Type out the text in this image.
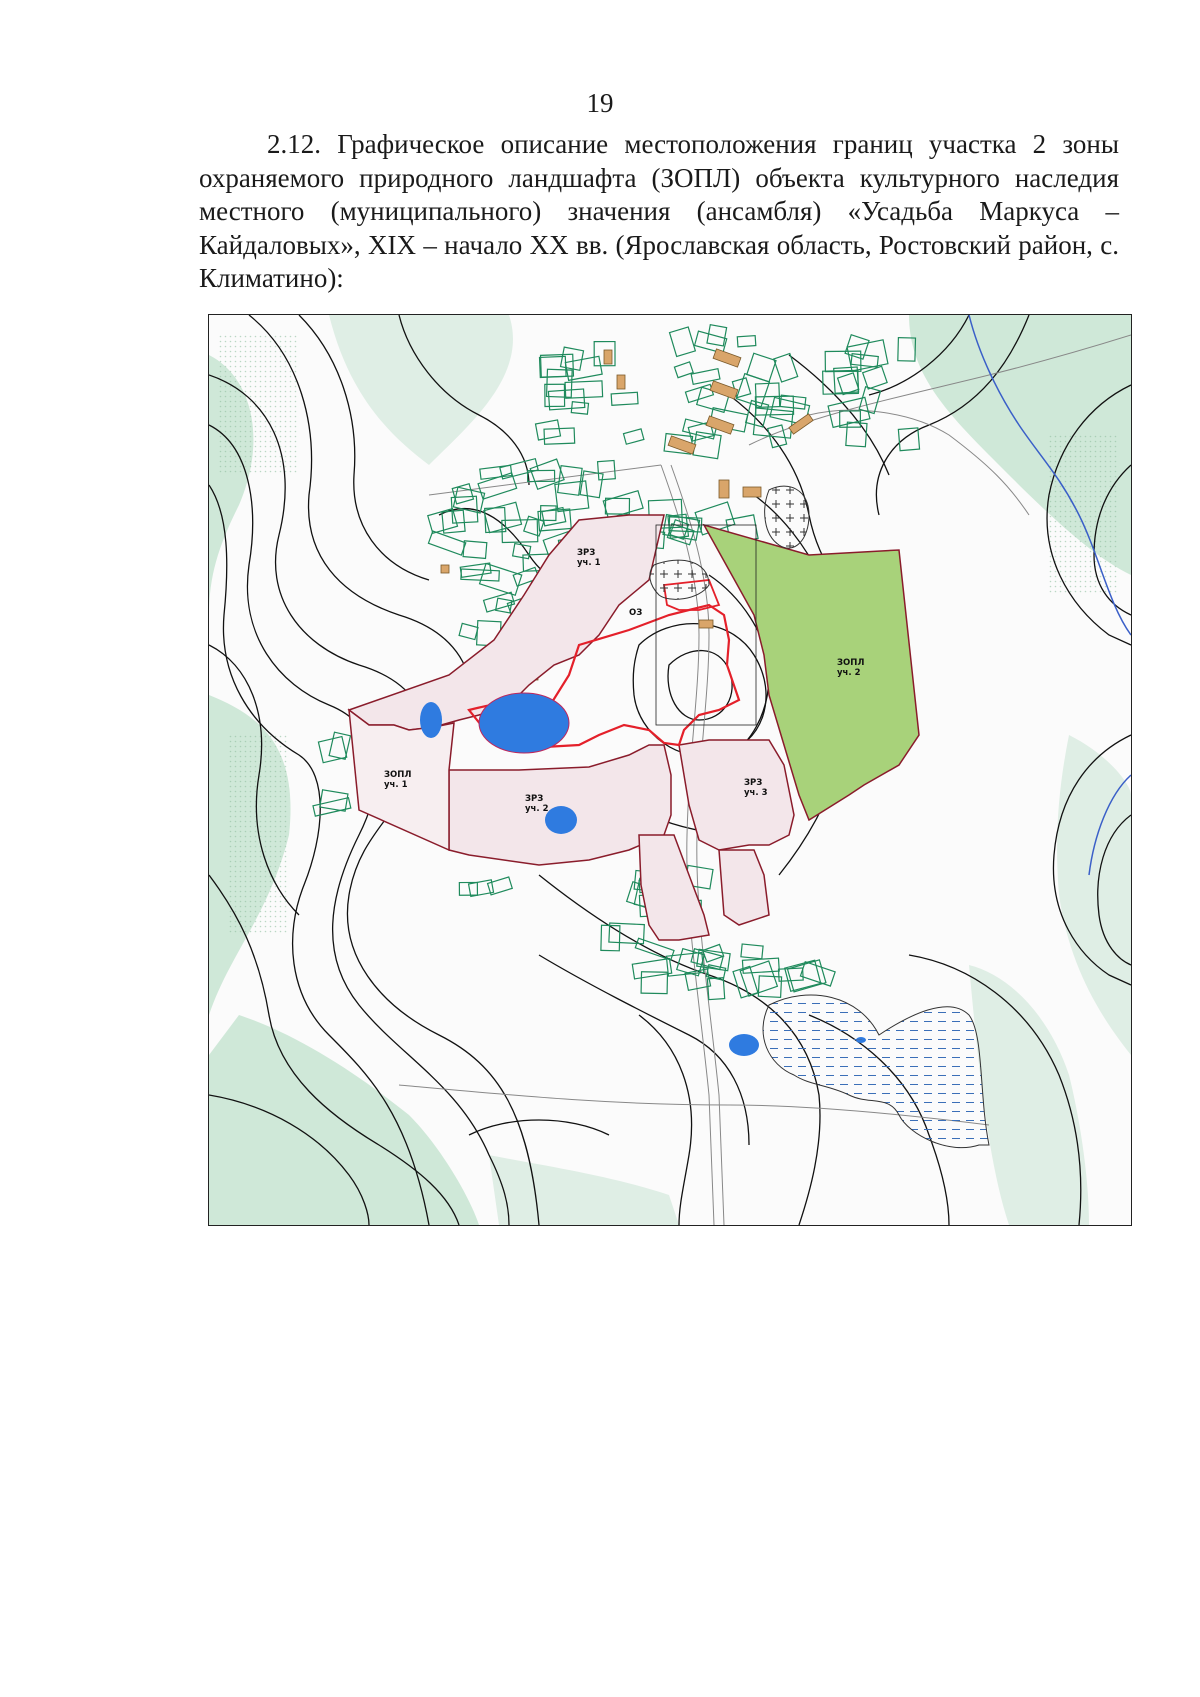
19
2.12. Графическое описание местоположения границ участка 2 зоны охраняемого природного ландшафта (ЗОПЛ) объекта культурного наследия местного (муниципального) значения (ансамбля) «Усадьба Маркуса – Кайдаловых», XIX – начало XX вв. (Ярославская область, Ростовский район, с. Климатино):
ЗРЗ
уч. 1
ЗРЗ
уч. 2
ЗРЗ
уч. 3
ЗОПЛ
уч. 1
ЗОПЛ
уч. 2
ОЗ
